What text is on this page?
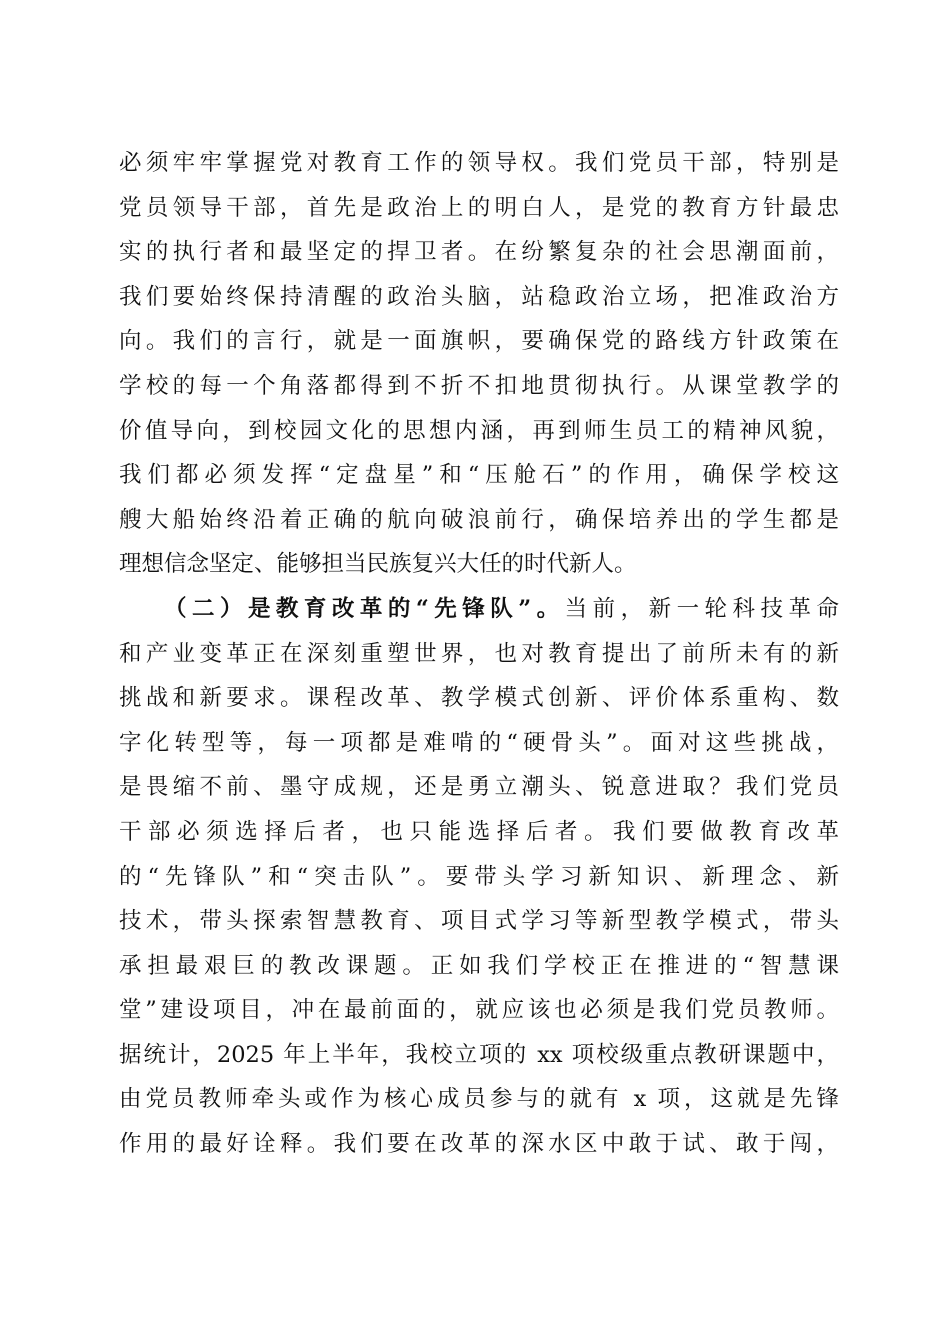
必须牢牢掌握党对教育工作的领导权。我们党员干部，特别是
党员领导干部，首先是政治上的明白人，是党的教育方针最忠
实的执行者和最坚定的捍卫者。在纷繁复杂的社会思潮面前，
我们要始终保持清醒的政治头脑，站稳政治立场，把准政治方
向。我们的言行，就是一面旗帜，要确保党的路线方针政策在
学校的每一个角落都得到不折不扣地贯彻执行。从课堂教学的
价值导向，到校园文化的思想内涵，再到师生员工的精神风貌，
我们都必须发挥“定盘星”和“压舱石”的作用，确保学校这
艘大船始终沿着正确的航向破浪前行，确保培养出的学生都是
理想信念坚定、能够担当民族复兴大任的时代新人。
（二）是教育改革的“先锋队”。当前，新一轮科技革命
和产业变革正在深刻重塑世界，也对教育提出了前所未有的新
挑战和新要求。课程改革、教学模式创新、评价体系重构、数
字化转型等，每一项都是难啃的“硬骨头”。面对这些挑战，
是畏缩不前、墨守成规，还是勇立潮头、锐意进取？我们党员
干部必须选择后者，也只能选择后者。我们要做教育改革
的“先锋队”和“突击队”。要带头学习新知识、新理念、新
技术，带头探索智慧教育、项目式学习等新型教学模式，带头
承担最艰巨的教改课题。正如我们学校正在推进的“智慧课
堂”建设项目，冲在最前面的，就应该也必须是我们党员教师。
据统计，2025 年上半年，我校立项的 xx 项校级重点教研课题中，
由党员教师牵头或作为核心成员参与的就有 x 项，这就是先锋
作用的最好诠释。我们要在改革的深水区中敢于试、敢于闯，
